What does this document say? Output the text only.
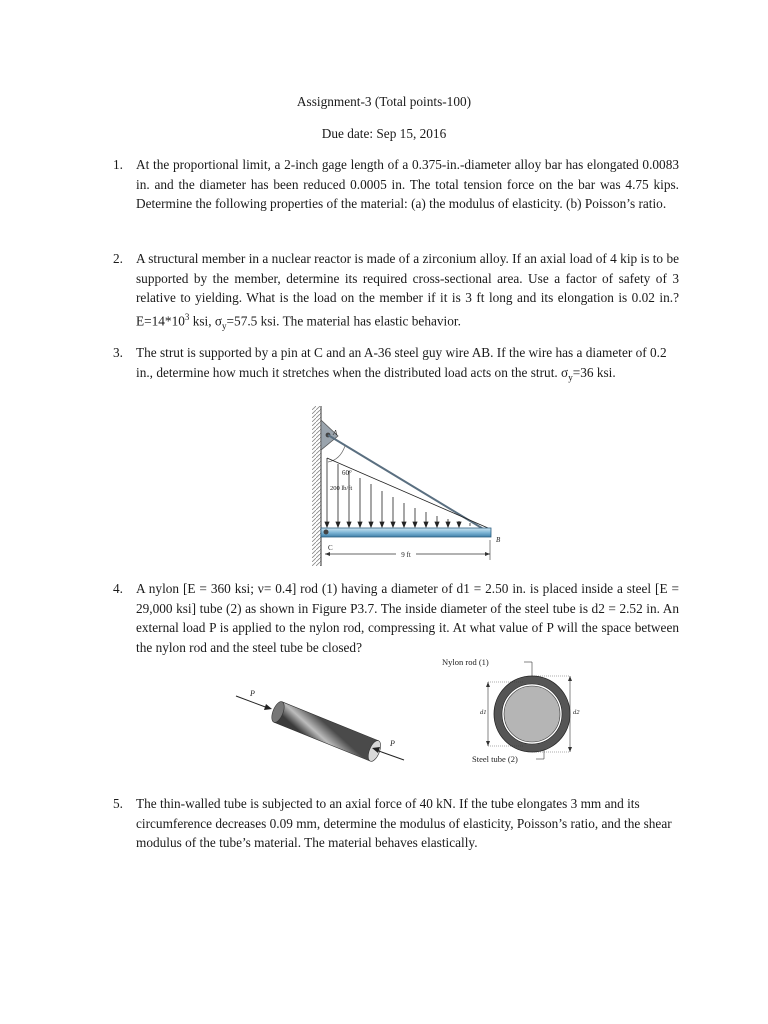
Assignment-3 (Total points-100)
Due date: Sep 15, 2016
1. At the proportional limit, a 2-inch gage length of a 0.375-in.-diameter alloy bar has elongated 0.0083 in. and the diameter has been reduced 0.0005 in. The total tension force on the bar was 4.75 kips. Determine the following properties of the material: (a) the modulus of elasticity. (b) Poisson’s ratio.
2. A structural member in a nuclear reactor is made of a zirconium alloy. If an axial load of 4 kip is to be supported by the member, determine its required cross-sectional area. Use a factor of safety of 3 relative to yielding. What is the load on the member if it is 3 ft long and its elongation is 0.02 in.? $E=14*10^3$ ksi, $\sigma_y=57.5$ ksi. The material has elastic behavior.
3. The strut is supported by a pin at C and an A-36 steel guy wire AB. If the wire has a diameter of 0.2 in., determine how much it stretches when the distributed load acts on the strut. $\sigma_y=36$ ksi.
9 ft
A
B
C
60°
200 lb/ft
4. A nylon [E = 360 ksi; ν= 0.4] rod (1) having a diameter of d1 = 2.50 in. is placed inside a steel [E = 29,000 ksi] tube (2) as shown in Figure P3.7. The inside diameter of the steel tube is d2 = 2.52 in. An external load P is applied to the nylon rod, compressing it. At what value of P will the space between the nylon rod and the steel tube be closed?
P
P
Nylon rod (1)
d1	d2
Steel tube (2)
5. The thin-walled tube is subjected to an axial force of 40 kN. If the tube elongates 3 mm and its circumference decreases 0.09 mm, determine the modulus of elasticity, Poisson’s ratio, and the shear modulus of the tube’s material. The material behaves elastically.
